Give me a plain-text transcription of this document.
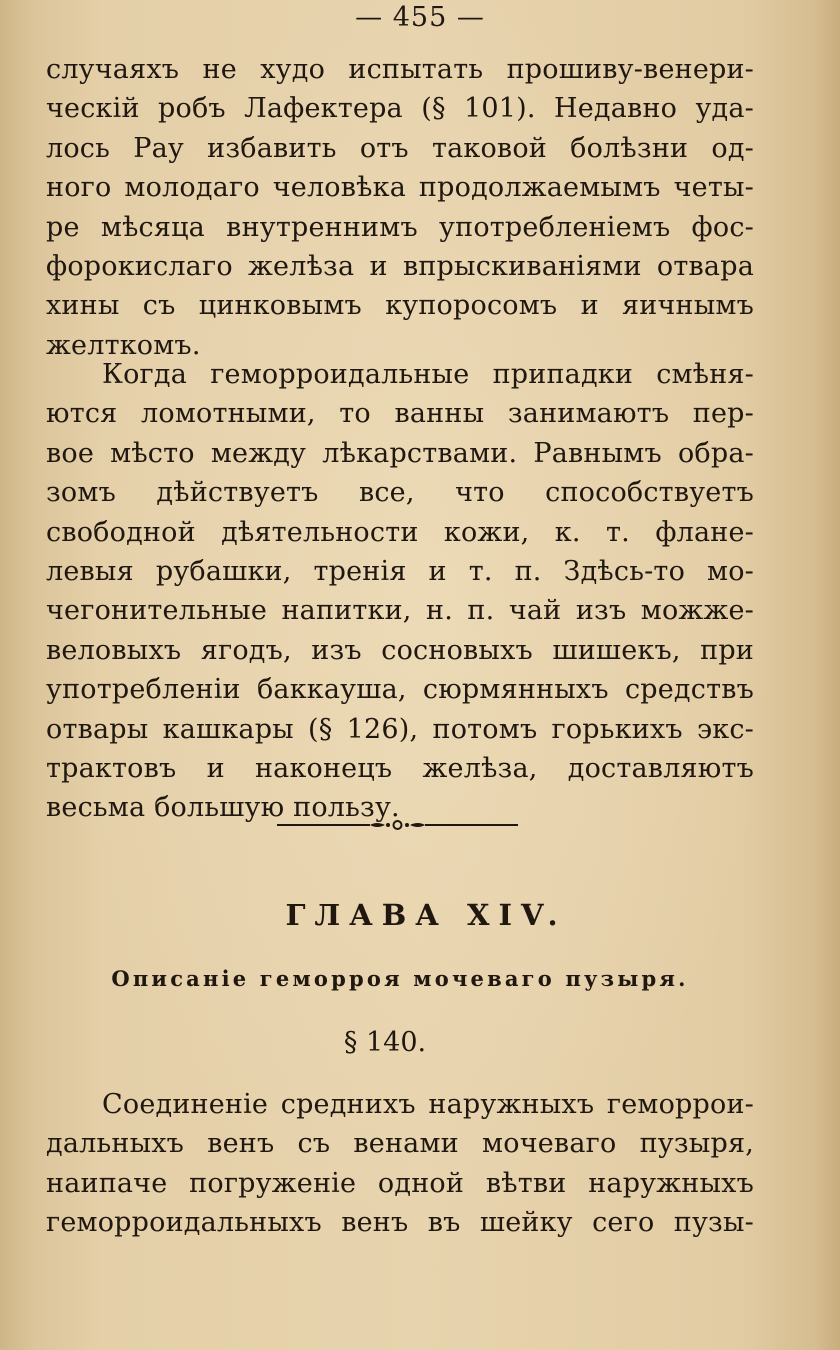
— 455 —
случаяхъ не худо испытать прошиву-венери-
ческій робъ Лафектера (§ 101). Недавно уда-
лось Рау избавить отъ таковой болѣзни од-
ного молодаго человѣка продолжаемымъ четы-
ре мѣсяца внутреннимъ употребленіемъ фос-
форокислаго желѣза и впрыскиваніями отвара
хины съ цинковымъ купоросомъ и яичнымъ
желткомъ.
Когда геморроидальные припадки смѣня-
ются ломотными, то ванны занимаютъ пер-
вое мѣсто между лѣкарствами. Равнымъ обра-
зомъ дѣйствуетъ все, что способствуетъ
свободной дѣятельности кожи, к. т. флане-
левыя рубашки, тренія и т. п. Здѣсь-то мо-
чегонительные напитки, н. п. чай изъ можже-
веловыхъ ягодъ, изъ сосновыхъ шишекъ, при
употребленіи баккауша, сюрмянныхъ средствъ
отвары кашкары (§ 126), потомъ горькихъ экс-
трактовъ и наконецъ желѣза, доставляютъ
весьма большую пользу.
ГЛАВА XIV.
Описаніе геморроя мочеваго пузыря.
§ 140.
Соединеніе среднихъ наружныхъ геморрои-
дальныхъ венъ съ венами мочеваго пузыря,
наипаче погруженіе одной вѣтви наружныхъ
геморроидальныхъ венъ въ шейку сего пузы-
